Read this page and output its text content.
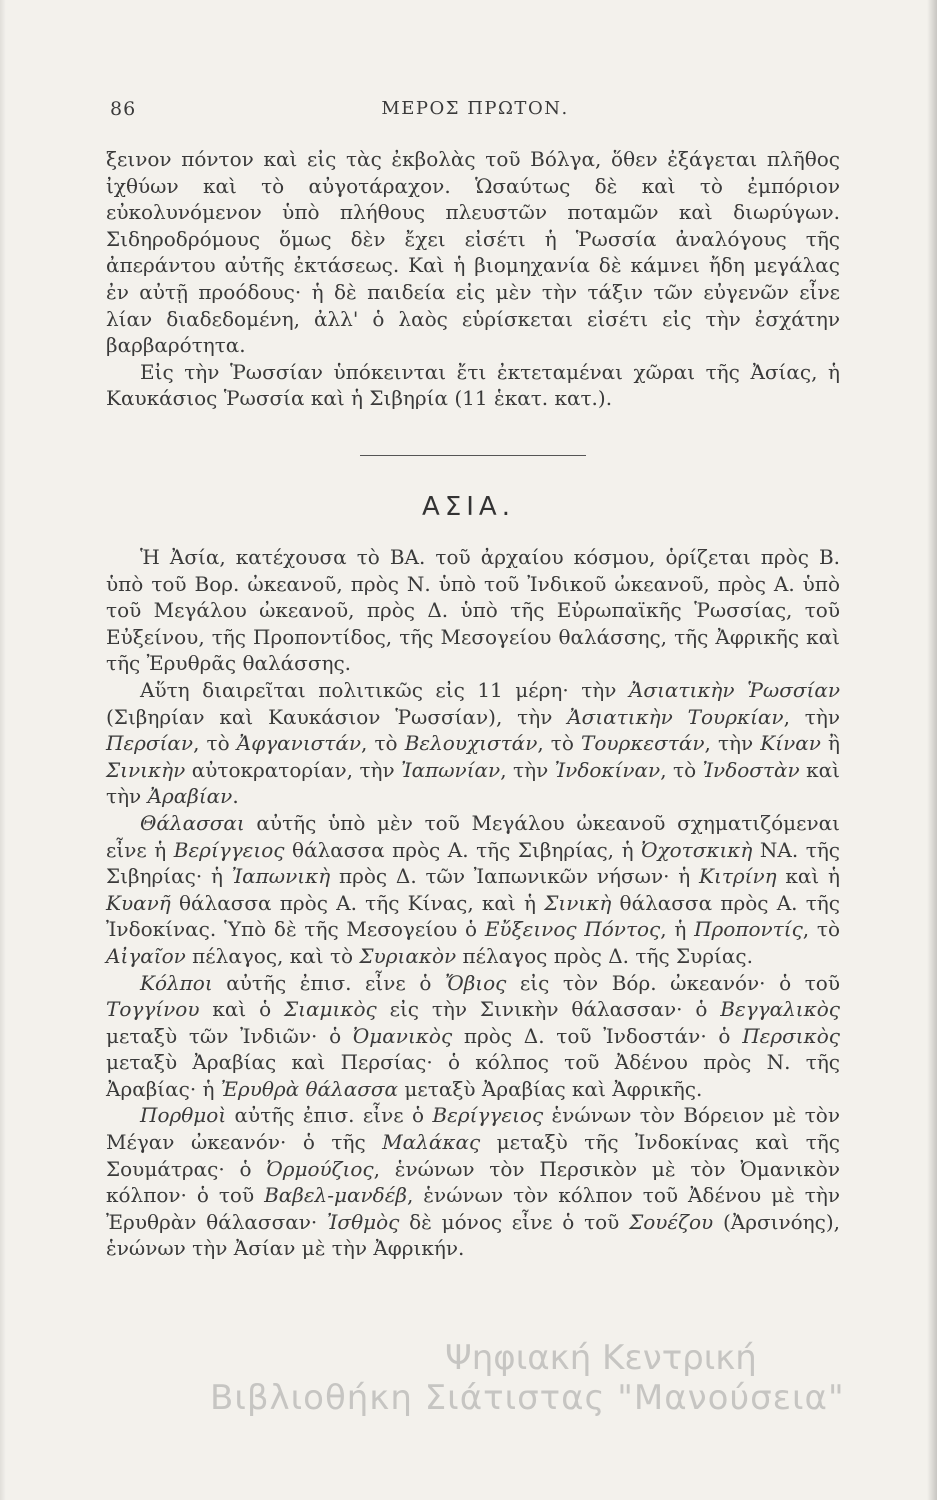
86	ΜΕΡΟΣ ΠΡΩΤΟΝ.

ξεινον πόντον καὶ εἰς τὰς ἐκβολὰς τοῦ Βόλγα, ὅθεν ἐξάγεται πλῆθος ἰχθύων καὶ τὸ αὐγοτάραχον. Ὡσαύτως δὲ καὶ τὸ ἐμπόριον εὐκολυνόμενον ὑπὸ πλήθους πλευστῶν ποταμῶν καὶ διωρύγων. Σιδηροδρόμους ὅμως δὲν ἔχει εἰσέτι ἡ Ῥωσσία ἀναλόγους τῆς ἀπεράντου αὐτῆς ἐκτάσεως. Καὶ ἡ βιομηχανία δὲ κάμνει ἤδη μεγάλας ἐν αὐτῇ προόδους· ἡ δὲ παιδεία εἰς μὲν τὴν τάξιν τῶν εὐγενῶν εἶνε λίαν διαδεδομένη, ἀλλ' ὁ λαὸς εὑρίσκεται εἰσέτι εἰς τὴν ἐσχάτην βαρβαρότητα.

Εἰς τὴν Ῥωσσίαν ὑπόκεινται ἔτι ἐκτεταμέναι χῶραι τῆς Ἀσίας, ἡ Καυκάσιος Ῥωσσία καὶ ἡ Σιβηρία (11 ἑκατ. κατ.).

ΑΣΙΑ.

Ἡ Ἀσία, κατέχουσα τὸ ΒΑ. τοῦ ἀρχαίου κόσμου, ὁρίζεται πρὸς Β. ὑπὸ τοῦ Βορ. ὠκεανοῦ, πρὸς Ν. ὑπὸ τοῦ Ἰνδικοῦ ὠκεανοῦ, πρὸς Α. ὑπὸ τοῦ Μεγάλου ὠκεανοῦ, πρὸς Δ. ὑπὸ τῆς Εὐρωπαϊκῆς Ῥωσσίας, τοῦ Εὐξείνου, τῆς Προποντίδος, τῆς Μεσογείου θαλάσσης, τῆς Ἀφρικῆς καὶ τῆς Ἐρυθρᾶς θαλάσσης.

Αὕτη διαιρεῖται πολιτικῶς εἰς 11 μέρη· τὴν Ἀσιατικὴν Ῥωσσίαν (Σιβηρίαν καὶ Καυκάσιον Ῥωσσίαν), τὴν Ἀσιατικὴν Τουρκίαν, τὴν Περσίαν, τὸ Ἀφγανιστάν, τὸ Βελουχιστάν, τὸ Τουρκεστάν, τὴν Κίναν ἢ Σινικὴν αὐτοκρατορίαν, τὴν Ἰαπωνίαν, τὴν Ἰνδοκίναν, τὸ Ἰνδοστὰν καὶ τὴν Ἀραβίαν.

Θάλασσαι αὐτῆς ὑπὸ μὲν τοῦ Μεγάλου ὠκεανοῦ σχηματιζόμεναι εἶνε ἡ Βερίγγειος θάλασσα πρὸς Α. τῆς Σιβηρίας, ἡ Ὀχοτσκικὴ ΝΑ. τῆς Σιβηρίας· ἡ Ἰαπωνικὴ πρὸς Δ. τῶν Ἰαπωνικῶν νήσων· ἡ Κιτρίνη καὶ ἡ Κυανῆ θάλασσα πρὸς Α. τῆς Κίνας, καὶ ἡ Σινικὴ θάλασσα πρὸς Α. τῆς Ἰνδοκίνας. Ὑπὸ δὲ τῆς Μεσογείου ὁ Εὔξεινος Πόντος, ἡ Προποντίς, τὸ Αἰγαῖον πέλαγος, καὶ τὸ Συριακὸν πέλαγος πρὸς Δ. τῆς Συρίας.

Κόλποι αὐτῆς ἐπισ. εἶνε ὁ Ὄβιος εἰς τὸν Βόρ. ὠκεανόν· ὁ τοῦ Τογγίνου καὶ ὁ Σιαμικὸς εἰς τὴν Σινικὴν θάλασσαν· ὁ Βεγγαλικὸς μεταξὺ τῶν Ἰνδιῶν· ὁ Ὀμανικὸς πρὸς Δ. τοῦ Ἰνδοστάν· ὁ Περσικὸς μεταξὺ Ἀραβίας καὶ Περσίας· ὁ κόλπος τοῦ Ἀδένου πρὸς Ν. τῆς Ἀραβίας· ἡ Ἐρυθρὰ θάλασσα μεταξὺ Ἀραβίας καὶ Ἀφρικῆς.

Πορθμοὶ αὐτῆς ἐπισ. εἶνε ὁ Βερίγγειος ἑνώνων τὸν Βόρειον μὲ τὸν Μέγαν ὠκεανόν· ὁ τῆς Μαλάκας μεταξὺ τῆς Ἰνδοκίνας καὶ τῆς Σουμάτρας· ὁ Ὀρμούζιος, ἑνώνων τὸν Περσικὸν μὲ τὸν Ὀμανικὸν κόλπον· ὁ τοῦ Βαβελ-μανδέβ, ἑνώνων τὸν κόλπον τοῦ Ἀδένου μὲ τὴν Ἐρυθρὰν θάλασσαν· Ἰσθμὸς δὲ μόνος εἶνε ὁ τοῦ Σουέζου (Ἀρσινόης), ἑνώνων τὴν Ἀσίαν μὲ τὴν Ἀφρικήν.

Ψηφιακή Κεντρική
Βιβλιοθήκη Σιάτιστας "Μανούσεια"
